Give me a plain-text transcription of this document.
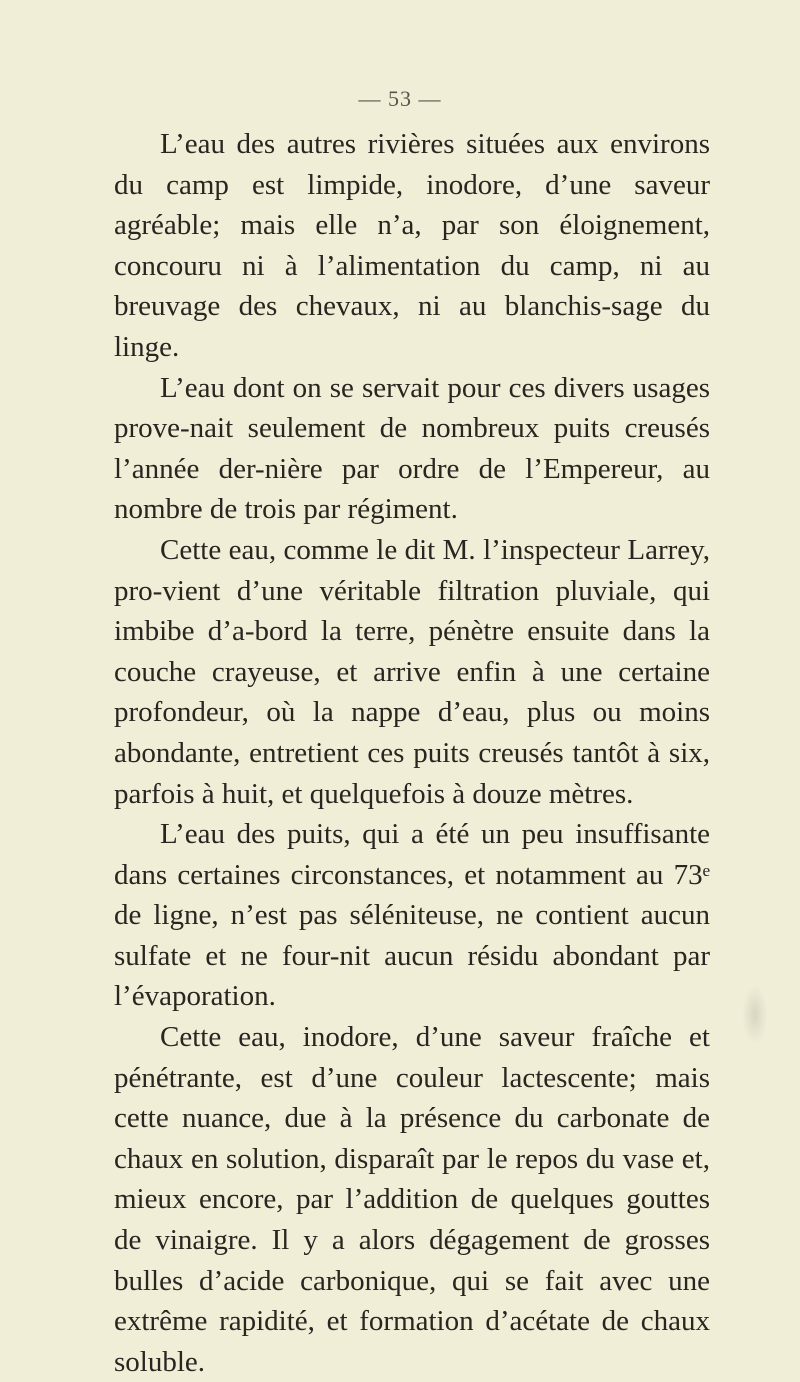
— 53 —

L’eau des autres rivières situées aux environs du camp est limpide, inodore, d’une saveur agréable; mais elle n’a, par son éloignement, concouru ni à l’alimentation du camp, ni au breuvage des chevaux, ni au blanchis-sage du linge.

L’eau dont on se servait pour ces divers usages prove-nait seulement de nombreux puits creusés l’année der-nière par ordre de l’Empereur, au nombre de trois par régiment.

Cette eau, comme le dit M. l’inspecteur Larrey, pro-vient d’une véritable filtration pluviale, qui imbibe d’a-bord la terre, pénètre ensuite dans la couche crayeuse, et arrive enfin à une certaine profondeur, où la nappe d’eau, plus ou moins abondante, entretient ces puits creusés tantôt à six, parfois à huit, et quelquefois à douze mètres.

L’eau des puits, qui a été un peu insuffisante dans certaines circonstances, et notamment au 73ᵉ de ligne, n’est pas séléniteuse, ne contient aucun sulfate et ne four-nit aucun résidu abondant par l’évaporation.

Cette eau, inodore, d’une saveur fraîche et pénétrante, est d’une couleur lactescente; mais cette nuance, due à la présence du carbonate de chaux en solution, disparaît par le repos du vase et, mieux encore, par l’addition de quelques gouttes de vinaigre. Il y a alors dégagement de grosses bulles d’acide carbonique, qui se fait avec une extrême rapidité, et formation d’acétate de chaux soluble.
